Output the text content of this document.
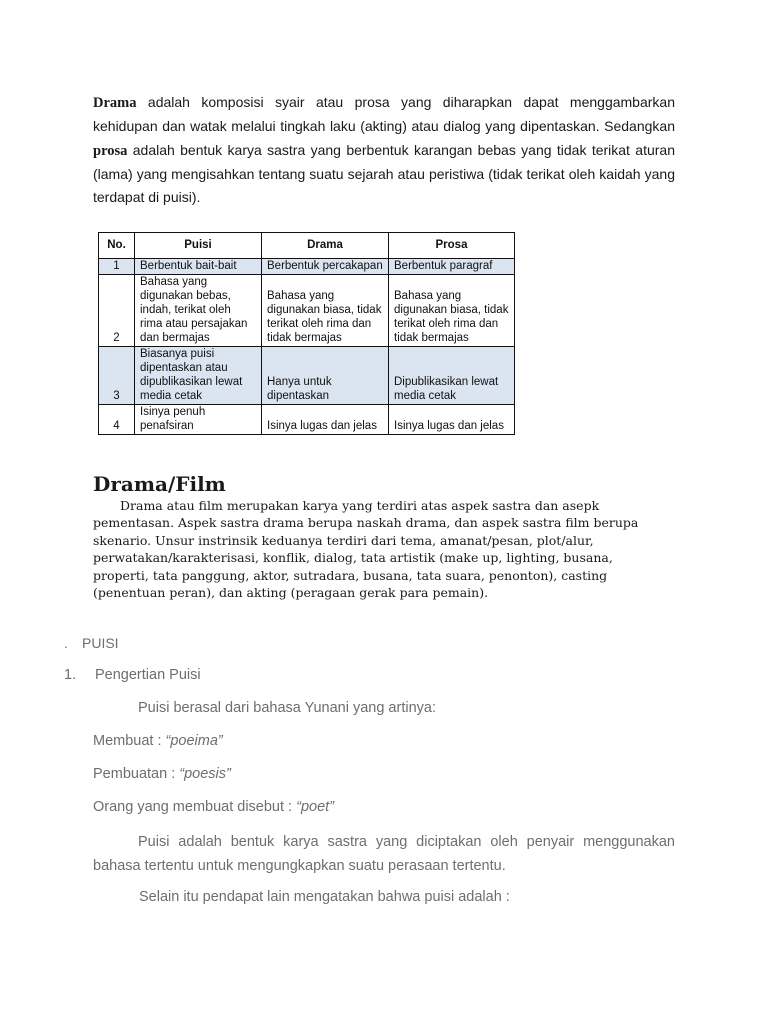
Drama adalah komposisi syair atau prosa yang diharapkan dapat menggambarkan kehidupan dan watak melalui tingkah laku (akting) atau dialog yang dipentaskan. Sedangkan prosa adalah bentuk karya sastra yang berbentuk karangan bebas yang tidak terikat aturan (lama) yang mengisahkan tentang suatu sejarah atau peristiwa (tidak terikat oleh kaidah yang terdapat di puisi).

No.	Puisi	Drama	Prosa
1	Berbentuk bait-bait	Berbentuk percakapan	Berbentuk paragraf
2	Bahasa yang digunakan bebas, indah, terikat oleh rima atau persajakan dan bermajas	Bahasa yang digunakan biasa, tidak terikat oleh rima dan tidak bermajas	Bahasa yang digunakan biasa, tidak terikat oleh rima dan tidak bermajas
3	Biasanya puisi dipentaskan atau dipublikasikan lewat media cetak	Hanya untuk dipentaskan	Dipublikasikan lewat media cetak
4	Isinya penuh penafsiran	Isinya lugas dan jelas	Isinya lugas dan jelas
Drama/Film

Drama atau film merupakan karya yang terdiri atas aspek sastra dan asepk pementasan. Aspek sastra drama berupa naskah drama, dan aspek sastra film berupa skenario. Unsur instrinsik keduanya terdiri dari tema, amanat/pesan, plot/alur, perwatakan/karakterisasi, konflik, dialog, tata artistik (make up, lighting, busana, properti, tata panggung, aktor, sutradara, busana, tata suara, penonton), casting (penentuan peran), dan akting (peragaan gerak para pemain).

. PUISI

1. Pengertian Puisi

Puisi berasal dari bahasa Yunani yang artinya:

Membuat : “poeima”

Pembuatan : “poesis”

Orang yang membuat disebut : “poet”

Puisi adalah bentuk karya sastra yang diciptakan oleh penyair menggunakan bahasa tertentu untuk mengungkapkan suatu perasaan tertentu.

Selain itu pendapat lain mengatakan bahwa puisi adalah :
